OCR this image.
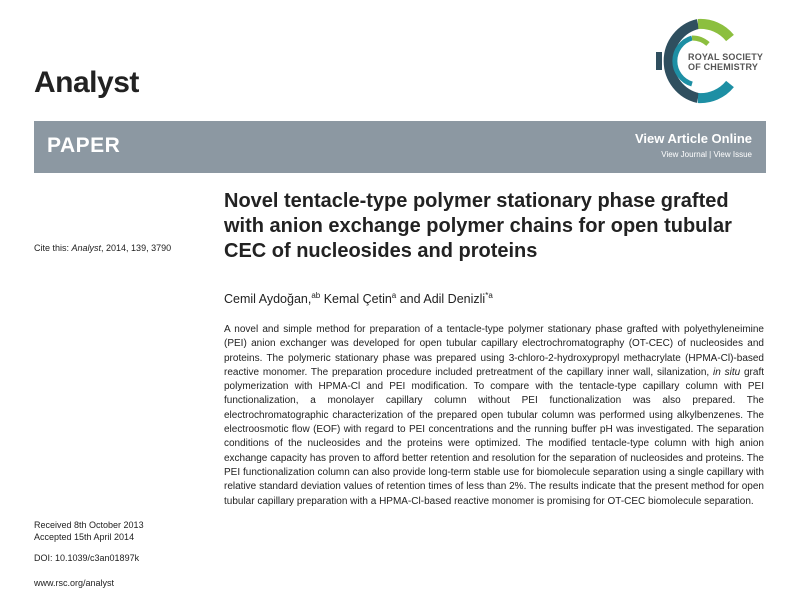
Analyst
ROYAL SOCIETY
OF CHEMISTRY
PAPER	View Article Online
View Journal | View Issue
Novel tentacle-type polymer stationary phase grafted with anion exchange polymer chains for open tubular CEC of nucleosides and proteins
Cite this: Analyst, 2014, 139, 3790
Cemil Aydoğan,$^{ab}$ Kemal Çetin$^a$ and Adil Denizli$^{*a}$
A novel and simple method for preparation of a tentacle-type polymer stationary phase grafted with polyethyleneimine (PEI) anion exchanger was developed for open tubular capillary electrochromatography (OT-CEC) of nucleosides and proteins. The polymeric stationary phase was prepared using 3-chloro-2-hydroxypropyl methacrylate (HPMA-Cl)-based reactive monomer. The preparation procedure included pretreatment of the capillary inner wall, silanization, in situ graft polymerization with HPMA-Cl and PEI modification. To compare with the tentacle-type capillary column with PEI functionalization, a monolayer capillary column without PEI functionalization was also prepared. The electrochromatographic characterization of the prepared open tubular column was performed using alkylbenzenes. The electroosmotic flow (EOF) with regard to PEI concentrations and the running buffer pH was investigated. The separation conditions of the nucleosides and the proteins were optimized. The modified tentacle-type column with high anion exchange capacity has proven to afford better retention and resolution for the separation of nucleosides and proteins. The PEI functionalization column can also provide long-term stable use for biomolecule separation using a single capillary with relative standard deviation values of retention times of less than 2%. The results indicate that the present method for open tubular capillary preparation with a HPMA-Cl-based reactive monomer is promising for OT-CEC biomolecule separation.
Received 8th October 2013
Accepted 15th April 2014
DOI: 10.1039/c3an01897k
www.rsc.org/analyst
